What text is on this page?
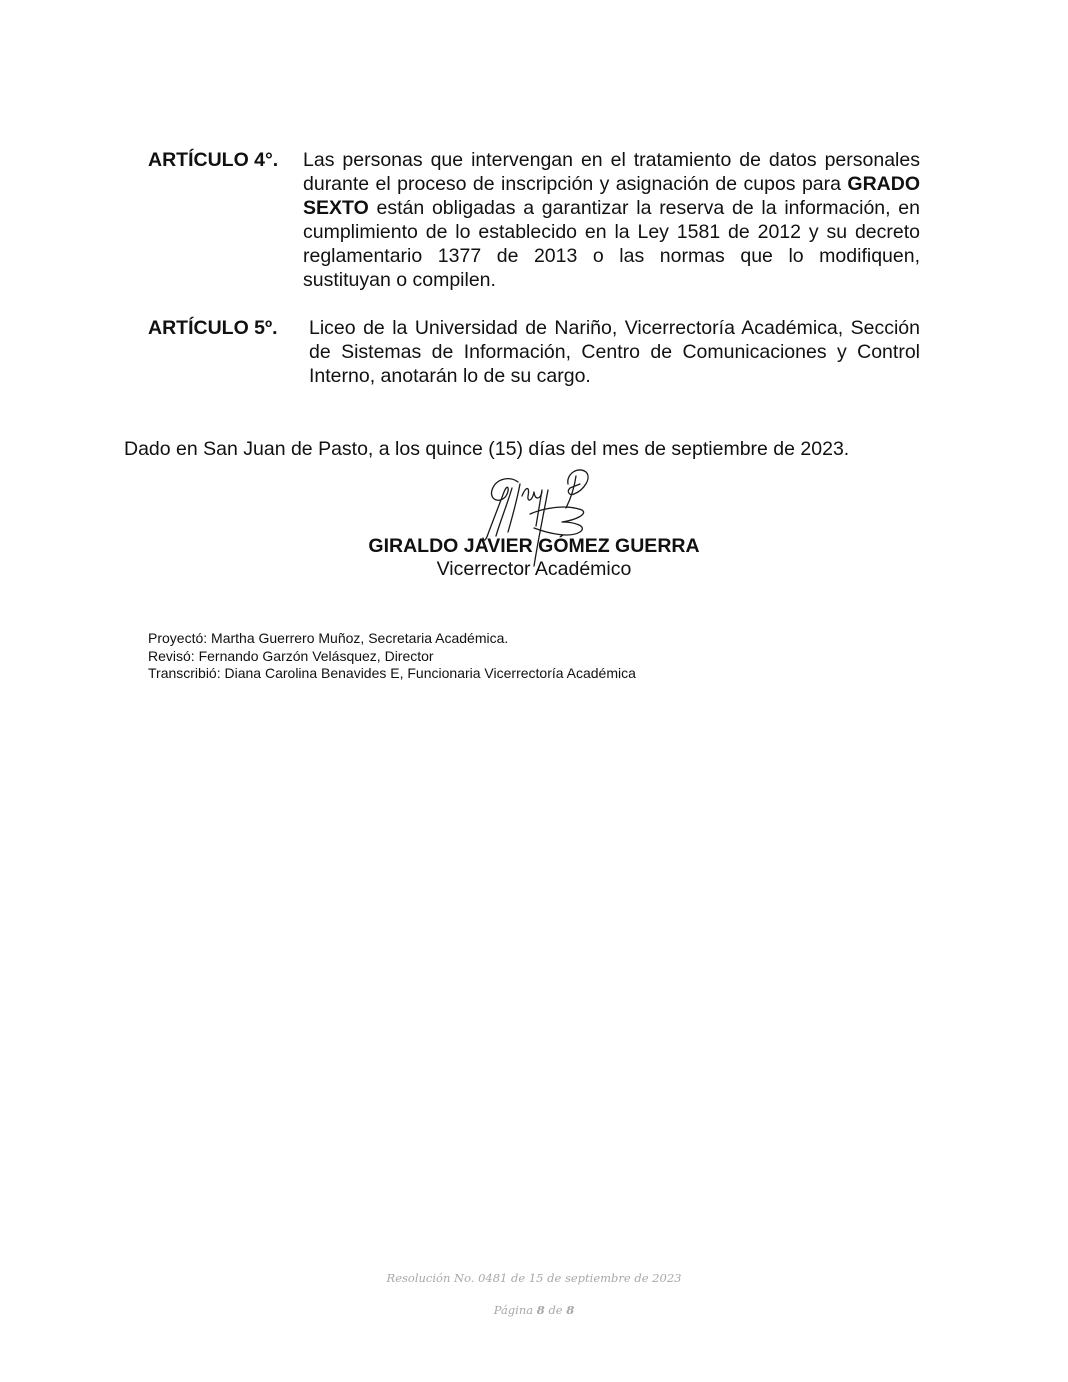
ARTÍCULO 4°.	Las personas que intervengan en el tratamiento de datos personales durante el proceso de inscripción y asignación de cupos para GRADO SEXTO están obligadas a garantizar la reserva de la información, en cumplimiento de lo establecido en la Ley 1581 de 2012 y su decreto reglamentario 1377 de 2013 o las normas que lo modifiquen, sustituyan o compilen.
ARTÍCULO 5º.	Liceo de la Universidad de Nariño, Vicerrectoría Académica, Sección de Sistemas de Información, Centro de Comunicaciones y Control Interno, anotarán lo de su cargo.
Dado en San Juan de Pasto, a los quince (15) días del mes de septiembre de 2023.
GIRALDO JAVIER GÓMEZ GUERRA
Vicerrector Académico
Proyectó: Martha Guerrero Muñoz, Secretaria Académica.
Revisó: Fernando Garzón Velásquez, Director
Transcribió: Diana Carolina Benavides E, Funcionaria Vicerrectoría Académica
Resolución No. 0481 de 15 de septiembre de 2023
Página 8 de 8
